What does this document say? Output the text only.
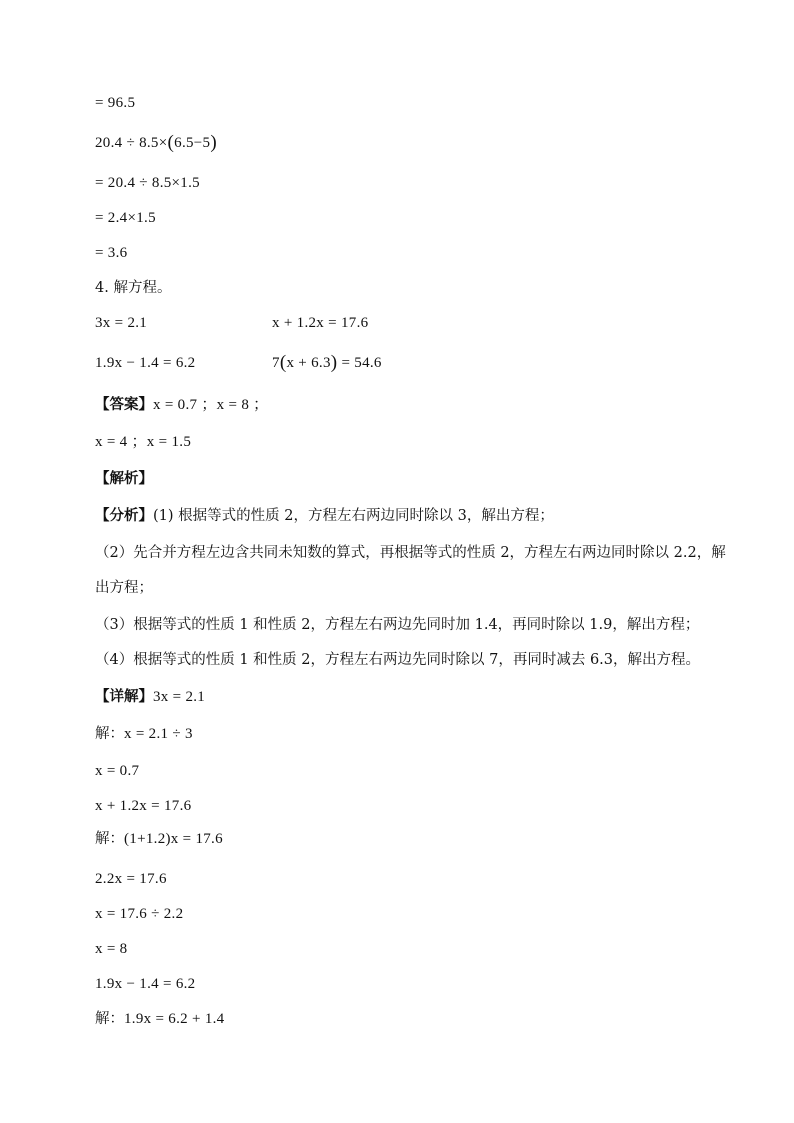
= 96.5
20.4 ÷ 8.5×(6.5−5)
= 20.4 ÷ 8.5×1.5
= 2.4×1.5
= 3.6
4. 解方程。
3x = 2.1	x + 1.2x = 17.6
1.9x − 1.4 = 6.2	7(x + 6.3) = 54.6
【答案】x = 0.7 ；x = 8 ；
x = 4 ；x = 1.5
【解析】
【分析】(1) 根据等式的性质 2，方程左右两边同时除以 3，解出方程；
（2）先合并方程左边含共同未知数的算式，再根据等式的性质 2，方程左右两边同时除以 2.2，解
出方程；
（3）根据等式的性质 1 和性质 2，方程左右两边先同时加 1.4，再同时除以 1.9，解出方程；
（4）根据等式的性质 1 和性质 2，方程左右两边先同时除以 7，再同时减去 6.3，解出方程。
【详解】3x = 2.1
解：x = 2.1 ÷ 3
x = 0.7
x + 1.2x = 17.6
解：(1+1.2)x = 17.6
2.2x = 17.6
x = 17.6 ÷ 2.2
x = 8
1.9x − 1.4 = 6.2
解：1.9x = 6.2 + 1.4
